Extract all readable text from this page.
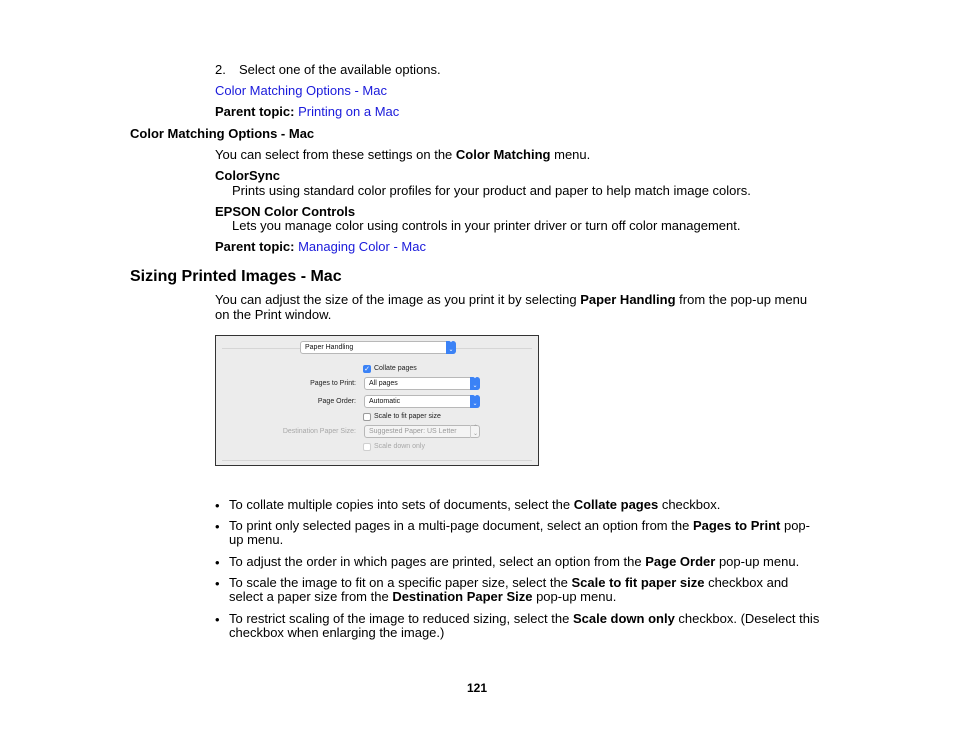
2. Select one of the available options.
Color Matching Options - Mac
Parent topic: Printing on a Mac
Color Matching Options - Mac
You can select from these settings on the Color Matching menu.
ColorSync
Prints using standard color profiles for your product and paper to help match image colors.
EPSON Color Controls
Lets you manage color using controls in your printer driver or turn off color management.
Parent topic: Managing Color - Mac
Sizing Printed Images - Mac
You can adjust the size of the image as you print it by selecting Paper Handling from the pop-up menu
on the Print window.
Paper Handling	⌃
⌄
✓ Collate pages
Pages to Print:	All pages	⌃
⌄
Page Order:	Automatic	⌃
⌄
Scale to fit paper size
Destination Paper Size:	Suggested Paper: US Letter	⌃
⌄
Scale down only
• To collate multiple copies into sets of documents, select the Collate pages checkbox.
• To print only selected pages in a multi-page document, select an option from the Pages to Print pop-up menu.
• To adjust the order in which pages are printed, select an option from the Page Order pop-up menu.
• To scale the image to fit on a specific paper size, select the Scale to fit paper size checkbox and select a paper size from the Destination Paper Size pop-up menu.
• To restrict scaling of the image to reduced sizing, select the Scale down only checkbox. (Deselect this checkbox when enlarging the image.)
121
